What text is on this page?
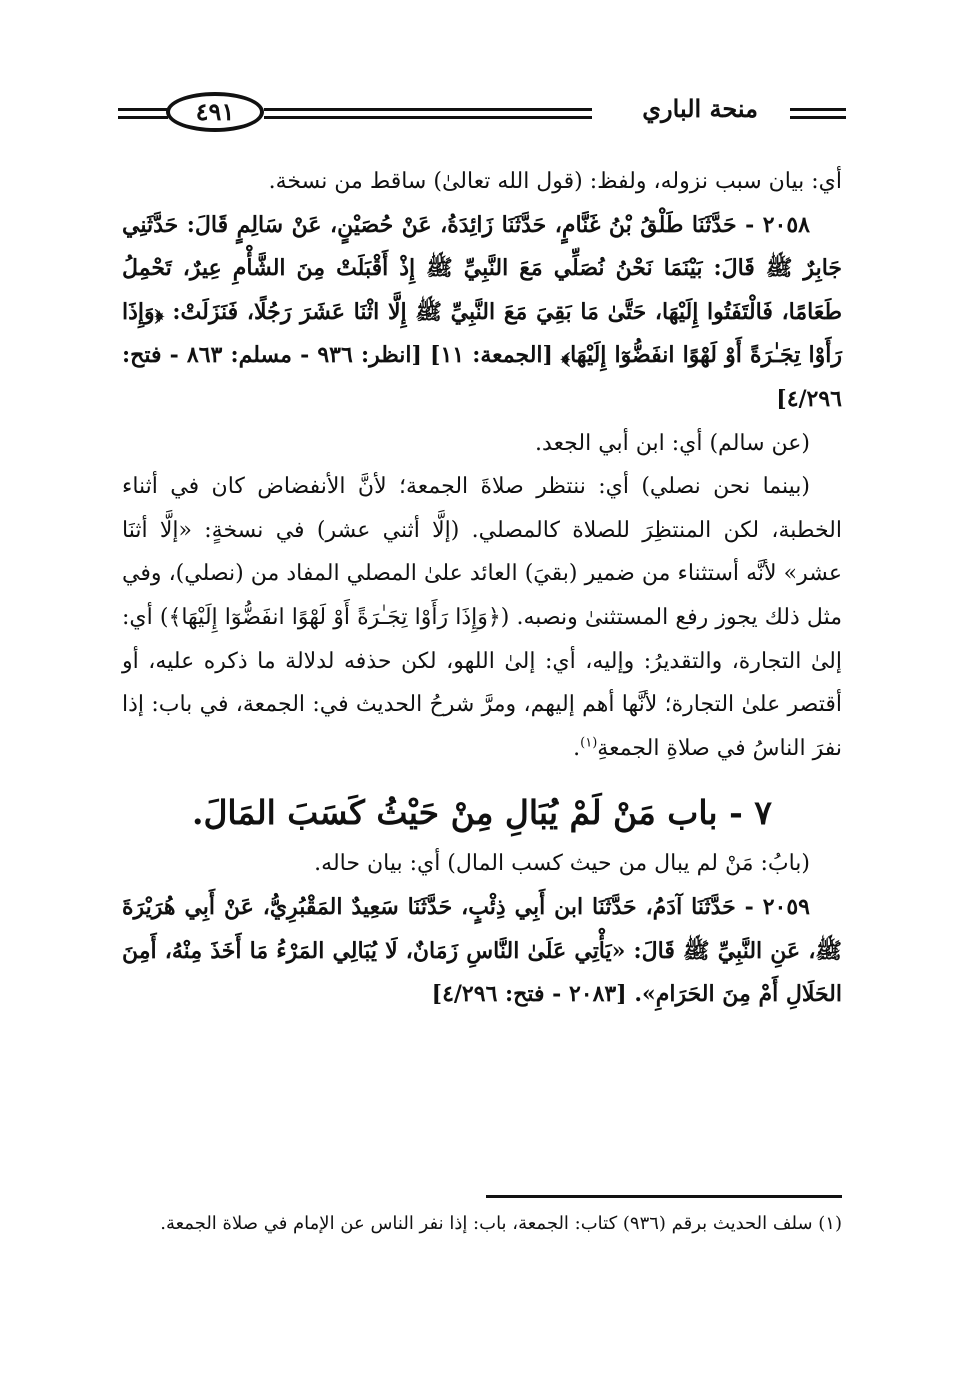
منحة الباري
٤٩١

أي: بيان سبب نزوله، ولفظ: (قول الله تعالىٰ) ساقط من نسخة.

٢٠٥٨ - حَدَّثَنَا طَلْقُ بْنُ غَنَّامٍ، حَدَّثَنَا زَائِدَةُ، عَنْ حُصَيْنٍ، عَنْ سَالِمٍ قَالَ: حَدَّثَنِي جَابِرٌ ﷺ قَالَ: بَيْنَمَا نَحْنُ نُصَلِّي مَعَ النَّبِيِّ ﷺ إِذْ أَقْبَلَتْ مِنَ الشَّأْمِ عِيرٌ، تَحْمِلُ طَعَامًا، فَالْتَفَتُوا إِلَيْهَا، حَتَّىٰ مَا بَقِيَ مَعَ النَّبِيِّ ﷺ إِلَّا اثْنَا عَشَرَ رَجُلًا، فَنَزَلَتْ: ﴿وَإِذَا رَأَوْا تِجَـٰرَةً أَوْ لَهْوًا انفَضُّوٓا إِلَيْهَا﴾ [الجمعة: ١١] [انظر: ٩٣٦ - مسلم: ٨٦٣ - فتح: ٤/٢٩٦]

(عن سالم) أي: ابن أبي الجعد.

(بينما نحن نصلي) أي: ننتظر صلاةَ الجمعة؛ لأنَّ الأنفضاض كان في أثناء الخطبة، لكن المنتظِرَ للصلاة كالمصلي. (إلَّا أثني عشر) في نسخةٍ: «إلَّا أثنَا عشر» لأنَّه أستثناء من ضمير (بقيَ) العائد علىٰ المصلي المفاد من (نصلي)، وفي مثل ذلك يجوز رفع المستثنىٰ ونصبه. (﴿وَإِذَا رَأَوْا تِجَـٰرَةً أَوْ لَهْوًا انفَضُّوٓا إِلَيْهَا﴾) أي: إلىٰ التجارة، والتقديرُ: وإليه، أي: إلىٰ اللهو، لكن حذفه لدلالة ما ذكره عليه، أو أقتصر علىٰ التجارة؛ لأنَّها أهم إليهم، ومرَّ شرحُ الحديث في: الجمعة، في باب: إذا نفرَ الناسُ في صلاةِ الجمعةِ$^{(١)}$.

٧ - باب مَنْ لَمْ يُبَالِ مِنْ حَيْثُ كَسَبَ المَالَ.

(بابُ: مَنْ لم يبال من حيث كسب المال) أي: بيان حاله.

٢٠٥٩ - حَدَّثَنَا آدَمُ، حَدَّثَنَا ابن أَبِي ذِئْبٍ، حَدَّثَنَا سَعِيدٌ المَقْبُرِيُّ، عَنْ أَبِي هُرَيْرَةَ ﷺ، عَنِ النَّبِيِّ ﷺ قَالَ: «يَأْتِي عَلَىٰ النَّاسِ زَمَانٌ، لَا يُبَالِي المَرْءُ مَا أَخَذَ مِنْهُ، أَمِنَ الحَلَالِ أَمْ مِنَ الحَرَامِ». [٢٠٨٣ - فتح: ٤/٢٩٦]

(١) سلف الحديث برقم (٩٣٦) كتاب: الجمعة، باب: إذا نفر الناس عن الإمام في صلاة الجمعة.
